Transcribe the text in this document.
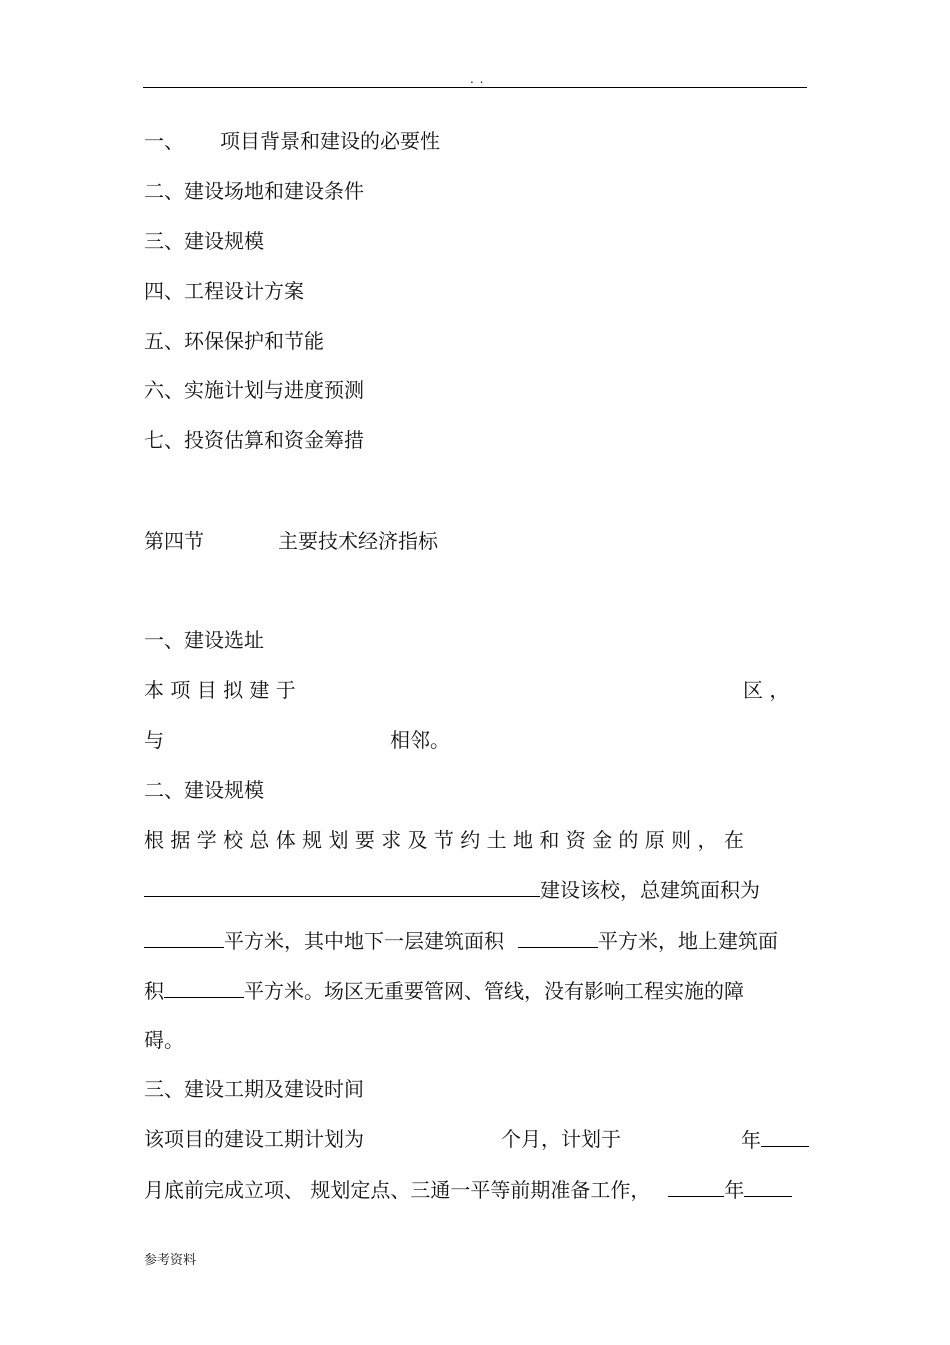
. .
一、 项目背景和建设的必要性
二、建设场地和建设条件
三、建设规模
四、工程设计方案
五、环保保护和节能
六、实施计划与进度预测
七、投资估算和资金筹措
第四节	主要技术经济指标
一、建设选址
本 项 目 拟 建 于	区 ，
与	相邻。
二、建设规模
根 据 学 校 总 体 规 划 要 求 及 节 约 土 地 和 资 金 的 原 则 ， 在
建设该校，总建筑面积为
平方米，其中地下一层建筑面积	平方米，地上建筑面
积	平方米。场区无重要管网、管线，没有影响工程实施的障
碍。
三、建设工期及建设时间
该项目的建设工期计划为	个月，计划于	年
月底前完成立项、 规划定点、三通一平等前期准备工作，	年
参考资料
